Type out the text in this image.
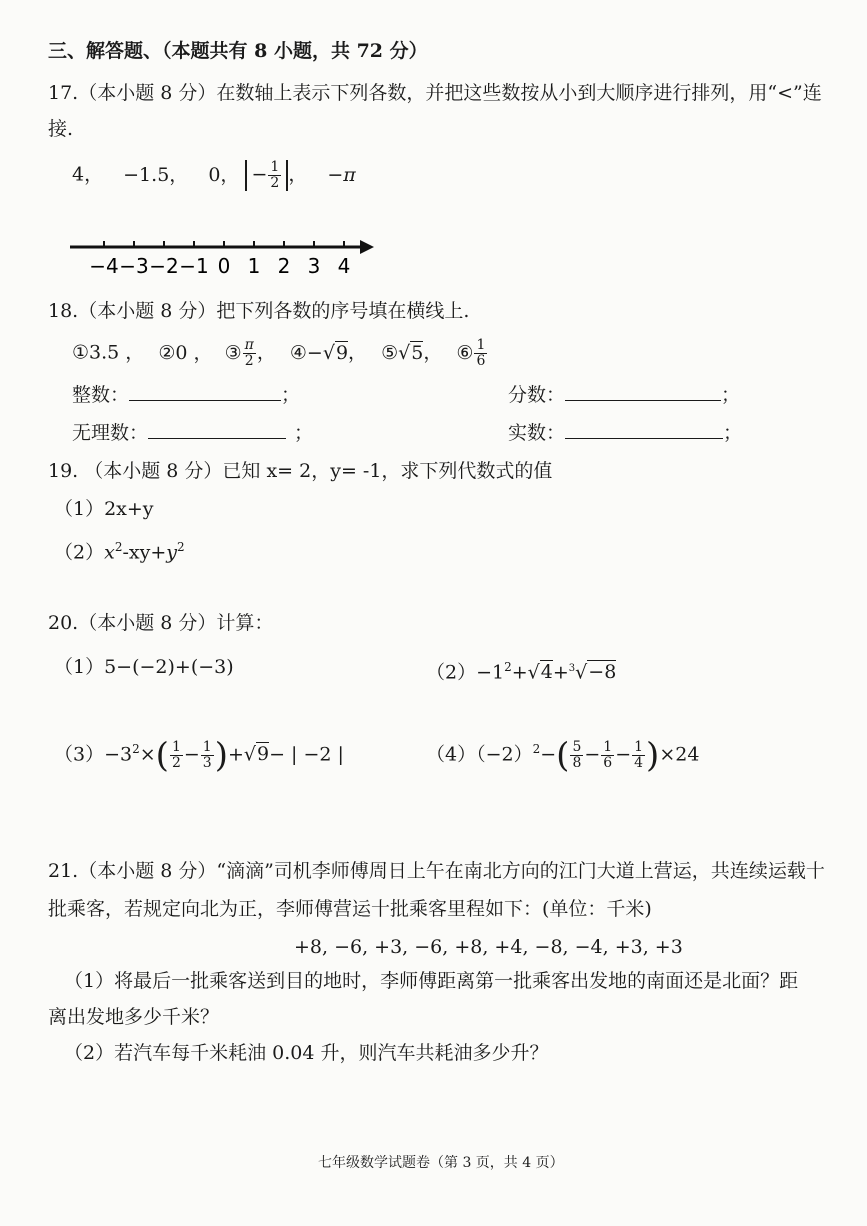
三、解答题、（本题共有 8 小题，共 72 分）
17.（本小题 8 分）在数轴上表示下列各数，并把这些数按从小到大顺序进行排列，用“<”连
接.
4， −1.5， 0， − $\frac{1}{2}$ ， −π
−4 −3 −2 −1 0 1 2 3 4
18.（本小题 8 分）把下列各数的序号填在横线上.
①3.5 ， ②0 ， ③ $\frac{\pi}{2}$ ， ④−√9， ⑤√5， ⑥ $\frac{1}{6}$
整数：	；	分数：	；
无理数：	；	实数：	；
19. （本小题 8 分）已知 x= 2，y= -1，求下列代数式的值
（1）2x+y
$(2)x^2-xy+y^2$
20.（本小题 8 分）计算：
（1）5−(−2)+(−3)	$(2)-1^2+√4+^3√-8$
$(3)-3^2\times( \frac{1}{2} - \frac{1}{3} )+√9-$ | −2 |	$(4)(-2)^2-( \frac{5}{8} - \frac{1}{6} - \frac{1}{4} )\times 24$
21.（本小题 8 分）“滴滴”司机李师傅周日上午在南北方向的江门大道上营运，共连续运载十
批乘客，若规定向北为正，李师傅营运十批乘客里程如下：(单位：千米)
+8, −6, +3, −6, +8, +4, −8, −4, +3, +3
（1）将最后一批乘客送到目的地时，李师傅距离第一批乘客出发地的南面还是北面？距
离出发地多少千米？
（2）若汽车每千米耗油 0.04 升，则汽车共耗油多少升？
七年级数学试题卷（第 3 页，共 4 页）
